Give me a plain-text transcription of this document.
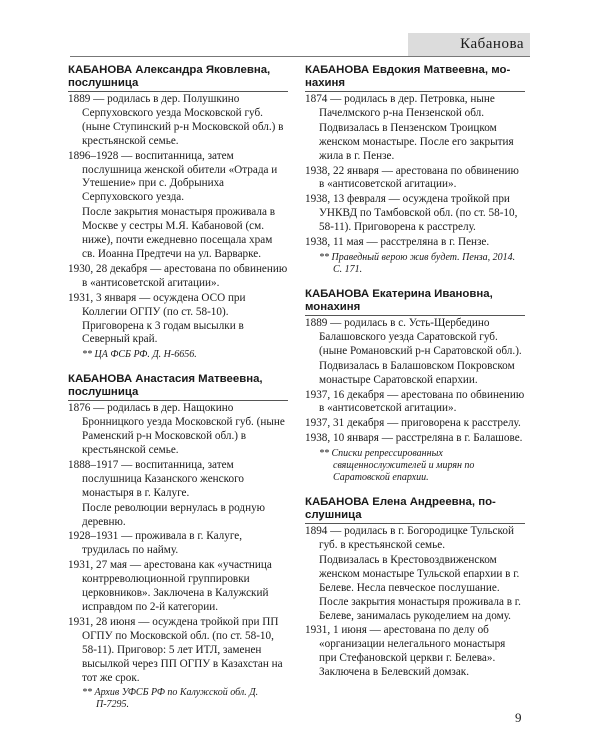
Кабанова
КАБАНОВА Александра Яковлевна,
послушница
1889 — родилась в дер. Полушкино Серпуховского уезда Московской губ. (ныне Ступинский р-н Московской обл.) в крестьянской семье.
1896–1928 — воспитанница, затем послушница женской обители «Отрада и Утешение» при с. Добрыниха Серпуховского уезда.
После закрытия монастыря проживала в Москве у сестры М.Я. Кабановой (см. ниже), почти ежедневно посещала храм св. Иоанна Предтечи на ул. Варварке.
1930, 28 декабря — арестована по обвинению в «антисоветской агитации».
1931, 3 января — осуждена ОСО при Коллегии ОГПУ (по ст. 58-10). Приговорена к 3 годам высылки в Северный край.
** ЦА ФСБ РФ. Д. Н-6656.
КАБАНОВА Анастасия Матвеевна,
послушница
1876 — родилась в дер. Нащокино Бронницкого уезда Московской губ. (ныне Раменский р-н Московской обл.) в крестьянской семье.
1888–1917 — воспитанница, затем послушница Казанского женского монастыря в г. Калуге.
После революции вернулась в родную деревню.
1928–1931 — проживала в г. Калуге, трудилась по найму.
1931, 27 мая — арестована как «участница контрреволюционной группировки церковников». Заключена в Калужский исправдом по 2-й категории.
1931, 28 июня — осуждена тройкой при ПП ОГПУ по Московской обл. (по ст. 58-10, 58-11). Приговор: 5 лет ИТЛ, заменен высылкой через ПП ОГПУ в Казахстан на тот же срок.
** Архив УФСБ РФ по Калужской обл. Д. П-7295.
КАБАНОВА Евдокия Матвеевна, мо-
нахиня
1874 — родилась в дер. Петровка, ныне Пачелмского р-на Пензенской обл.
Подвизалась в Пензенском Троицком женском монастыре. После его закрытия жила в г. Пензе.
1938, 22 января — арестована по обвинению в «антисоветской агитации».
1938, 13 февраля — осуждена тройкой при УНКВД по Тамбовской обл. (по ст. 58-10, 58-11). Приговорена к расстрелу.
1938, 11 мая — расстреляна в г. Пензе.
** Праведный верою жив будет. Пенза, 2014. С. 171.
КАБАНОВА Екатерина Ивановна,
монахиня
1889 — родилась в с. Усть-Щербедино Балашовского уезда Саратовской губ. (ныне Романовский р-н Саратовской обл.).
Подвизалась в Балашовском Покровском монастыре Саратовской епархии.
1937, 16 декабря — арестована по обвинению в «антисоветской агитации».
1937, 31 декабря — приговорена к расстрелу.
1938, 10 января — расстреляна в г. Балашове.
** Списки репрессированных священнослужителей и мирян по Саратовской епархии.
КАБАНОВА Елена Андреевна, по-
слушница
1894 — родилась в г. Богородицке Тульской губ. в крестьянской семье.
Подвизалась в Крестовоздвиженском женском монастыре Тульской епархии в г. Белеве. Несла певческое послушание. После закрытия монастыря проживала в г. Белеве, занималась рукоделием на дому.
1931, 1 июня — арестована по делу об «организации нелегального монастыря при Стефановской церкви г. Белева». Заключена в Белевский домзак.
9
